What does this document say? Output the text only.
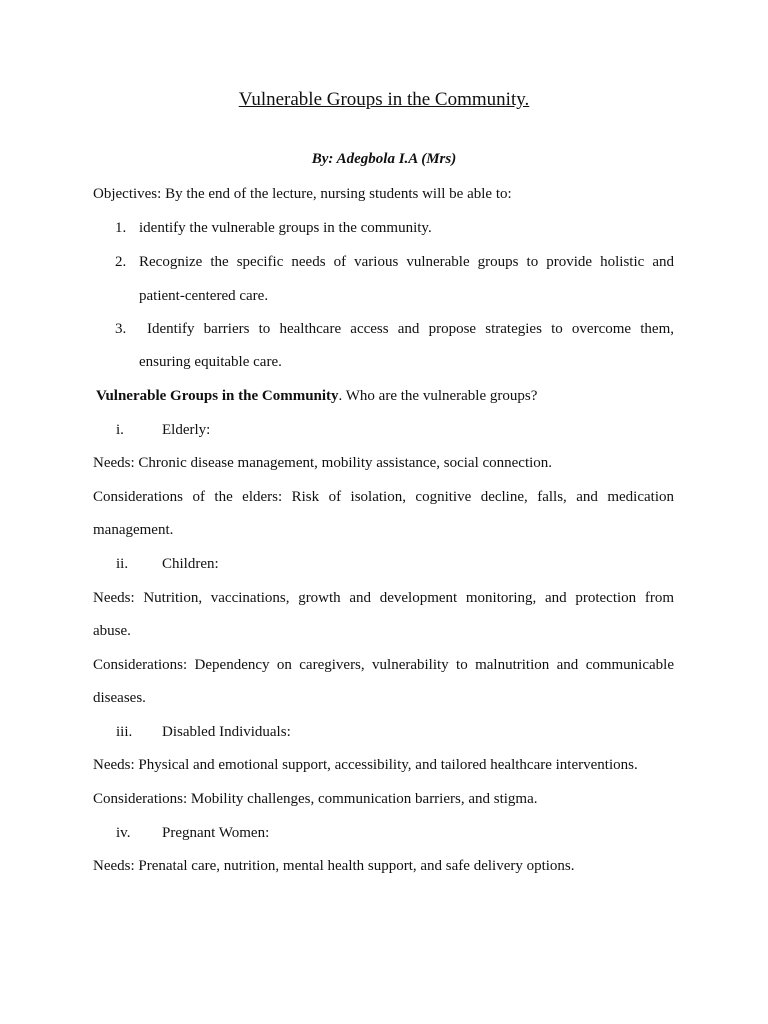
Vulnerable Groups in the Community.
By: Adegbola I.A (Mrs)
Objectives: By the end of the lecture, nursing students will be able to:
1. identify the vulnerable groups in the community.
2. Recognize the specific needs of various vulnerable groups to provide holistic and
patient-centered care.
3. Identify barriers to healthcare access and propose strategies to overcome them,
ensuring equitable care.
Vulnerable Groups in the Community. Who are the vulnerable groups?
i.	Elderly:
Needs: Chronic disease management, mobility assistance, social connection.
Considerations of the elders: Risk of isolation, cognitive decline, falls, and medication
management.
ii. Children:
Needs: Nutrition, vaccinations, growth and development monitoring, and protection from
abuse.
Considerations: Dependency on caregivers, vulnerability to malnutrition and communicable
diseases.
iii. Disabled Individuals:
Needs: Physical and emotional support, accessibility, and tailored healthcare interventions.
Considerations: Mobility challenges, communication barriers, and stigma.
iv. Pregnant Women:
Needs: Prenatal care, nutrition, mental health support, and safe delivery options.
